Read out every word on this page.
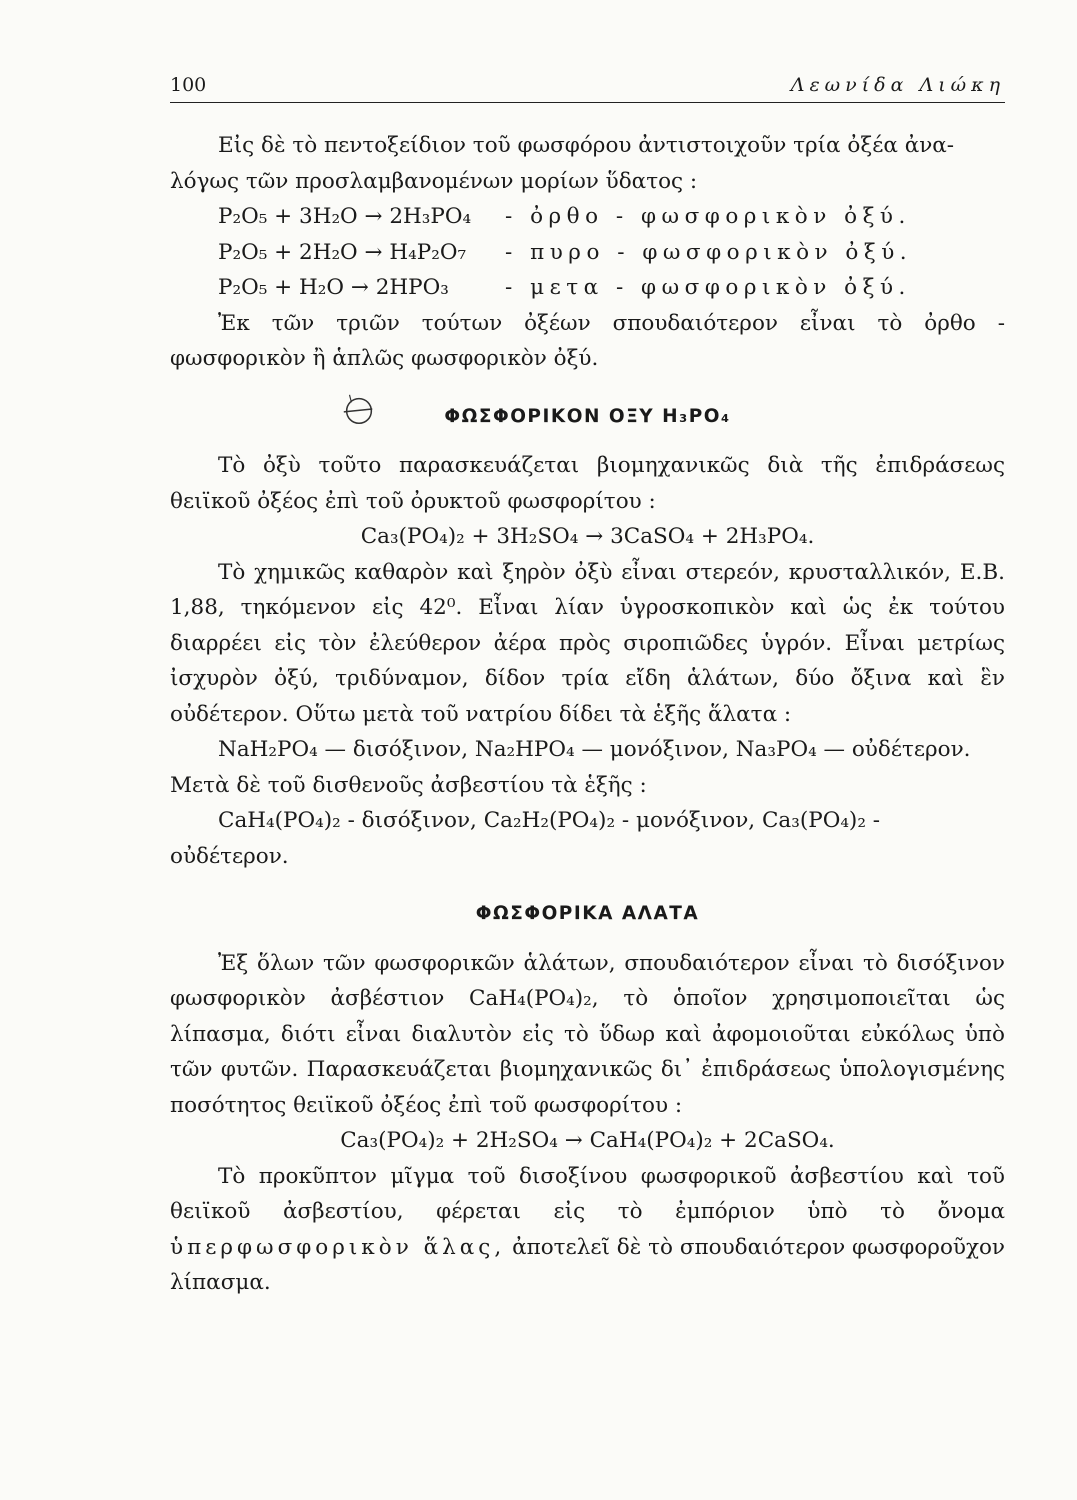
100	Λεωνίδα Λιώκη

Εἰς δὲ τὸ πεντοξείδιον τοῦ φωσφόρου ἀντιστοιχοῦν τρία ὀξέα ἀνα-

λόγως τῶν προσλαμβανομένων μορίων ὕδατος :

P₂O₅ + 3H₂O → 2H₃PO₄	- ὀρθο - φωσφορικὸν ὀξύ.
P₂O₅ + 2H₂O → H₄P₂O₇	- πυρο - φωσφορικὸν ὀξύ.
P₂O₅ + H₂O → 2HPO₃	- μετα - φωσφορικὸν ὀξύ.

Ἐκ τῶν τριῶν τούτων ὀξέων σπουδαιότερον εἶναι τὸ ὀρθο - φωσφορικὸν ἢ ἁπλῶς φωσφορικὸν ὀξύ.

ΦΩΣΦΟΡΙΚΟΝ ΟΞΥ H₃PO₄

Τὸ ὀξὺ τοῦτο παρασκευάζεται βιομηχανικῶς διὰ τῆς ἐπιδράσεως θειϊκοῦ ὀξέος ἐπὶ τοῦ ὀρυκτοῦ φωσφορίτου :

Ca₃(PO₄)₂ + 3H₂SO₄ → 3CaSO₄ + 2H₃PO₄.

Τὸ χημικῶς καθαρὸν καὶ ξηρὸν ὀξὺ εἶναι στερεόν, κρυσταλλικόν, Ε.Β. 1,88, τηκόμενον εἰς 42⁰. Εἶναι λίαν ὑγροσκοπικὸν καὶ ὡς ἐκ τούτου διαρρέει εἰς τὸν ἐλεύθερον ἀέρα πρὸς σιροπιῶδες ὑγρόν. Εἶναι μετρίως ἰσχυρὸν ὀξύ, τριδύναμον, δίδον τρία εἴδη ἁλάτων, δύο ὄξινα καὶ ἓν οὐδέτερον. Οὕτω μετὰ τοῦ νατρίου δίδει τὰ ἑξῆς ἅλατα :

NaH₂PO₄ — δισόξινον, Na₂HPO₄ — μονόξινον, Na₃PO₄ — οὐδέτερον.

Μετὰ δὲ τοῦ δισθενοῦς ἀσβεστίου τὰ ἑξῆς :

CaH₄(PO₄)₂ - δισόξινον, Ca₂H₂(PO₄)₂ - μονόξινον, Ca₃(PO₄)₂ -

οὐδέτερον.

ΦΩΣΦΟΡΙΚΑ ΑΛΑΤΑ

Ἐξ ὅλων τῶν φωσφορικῶν ἁλάτων, σπουδαιότερον εἶναι τὸ δισόξινον φωσφορικὸν ἀσβέστιον CaH₄(PO₄)₂, τὸ ὁποῖον χρησιμοποιεῖται ὡς λίπασμα, διότι εἶναι διαλυτὸν εἰς τὸ ὕδωρ καὶ ἀφομοιοῦται εὐκόλως ὑπὸ τῶν φυτῶν. Παρασκευάζεται βιομηχανικῶς δι᾽ ἐπιδράσεως ὑπολογισμένης ποσότητος θειϊκοῦ ὀξέος ἐπὶ τοῦ φωσφορίτου :

Ca₃(PO₄)₂ + 2H₂SO₄ → CaH₄(PO₄)₂ + 2CaSO₄.

Τὸ προκῦπτον μῖγμα τοῦ δισοξίνου φωσφορικοῦ ἀσβεστίου καὶ τοῦ θειϊκοῦ ἀσβεστίου, φέρεται εἰς τὸ ἐμπόριον ὑπὸ τὸ ὄνομα ὑπερφωσφορικὸν ἅλας, ἀποτελεῖ δὲ τὸ σπουδαιότερον φωσφοροῦχον λίπασμα.
